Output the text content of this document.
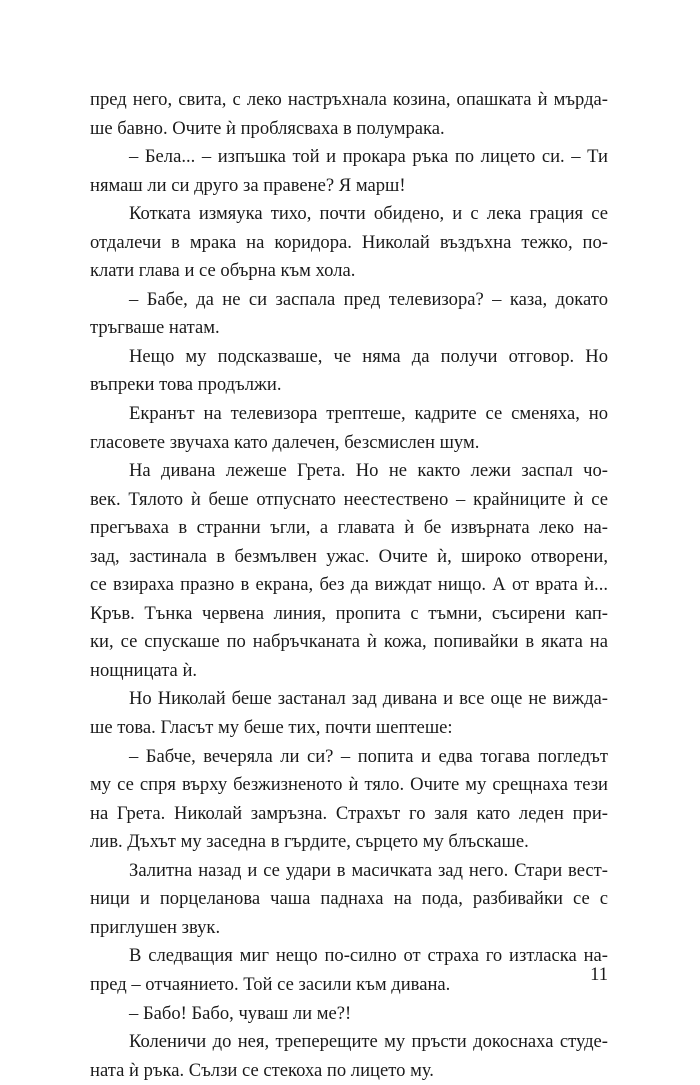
пред него, свита, с леко настръхнала козина, опашката ѝ мърда-
ше бавно. Очите ѝ проблясваха в полумрака.
– Бела... – изпъшка той и прокара ръка по лицето си. – Ти
нямаш ли си друго за правене? Я марш!
Котката измяука тихо, почти обидено, и с лека грация се
отдалечи в мрака на коридора. Николай въздъхна тежко, по-
клати глава и се обърна към хола.
– Бабе, да не си заспала пред телевизора? – каза, докато
тръгваше натам.
Нещо му подсказваше, че няма да получи отговор. Но
въпреки това продължи.
Екранът на телевизора трептеше, кадрите се сменяха, но
гласовете звучаха като далечен, безсмислен шум.
На дивана лежеше Грета. Но не както лежи заспал чо-
век. Тялото ѝ беше отпуснато неестествено – крайниците ѝ се
прегъваха в странни ъгли, а главата ѝ бе извърната леко на-
зад, застинала в безмълвен ужас. Очите ѝ, широко отворени,
се взираха празно в екрана, без да виждат нищо. А от врата ѝ...
Кръв. Тънка червена линия, пропита с тъмни, съсирени кап-
ки, се спускаше по набръчканата ѝ кожа, попивайки в яката на
нощницата ѝ.
Но Николай беше застанал зад дивана и все още не вижда-
ше това. Гласът му беше тих, почти шептеше:
– Бабче, вечеряла ли си? – попита и едва тогава погледът
му се спря върху безжизненото ѝ тяло. Очите му срещнаха тези
на Грета. Николай замръзна. Страхът го заля като леден при-
лив. Дъхът му заседна в гърдите, сърцето му блъскаше.
Залитна назад и се удари в масичката зад него. Стари вест-
ници и порцеланова чаша паднаха на пода, разбивайки се с
приглушен звук.
В следващия миг нещо по-силно от страха го изтласка на-
пред – отчаянието. Той се засили към дивана.
– Бабо! Бабо, чуваш ли ме?!
Коленичи до нея, треперещите му пръсти докоснаха студе-
ната ѝ ръка. Сълзи се стекоха по лицето му.
11
